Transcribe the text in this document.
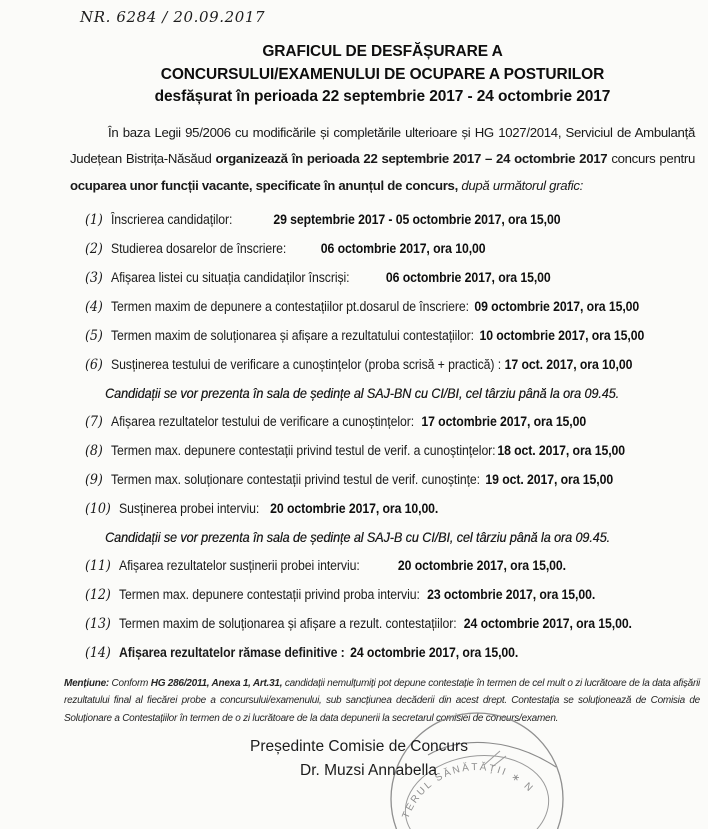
NR. 6284 / 20.09.2017
GRAFICUL DE DESFĂȘURARE A
CONCURSULUI/EXAMENULUI DE OCUPARE A POSTURILOR
desfășurat în perioada 22 septembrie 2017 - 24 octombrie 2017
În baza Legii 95/2006 cu modificările și completările ulterioare și HG 1027/2014, Serviciul de Ambulanță Județean Bistrița-Năsăud organizează în perioada 22 septembrie 2017 – 24 octombrie 2017 concurs pentru ocuparea unor funcții vacante, specificate în anunțul de concurs, după următorul grafic:
(1) Înscrierea candidaților:	29 septembrie 2017 - 05 octombrie 2017, ora 15,00
(2) Studierea dosarelor de înscriere:	06 octombrie 2017, ora 10,00
(3) Afișarea listei cu situația candidaților înscriși:	06 octombrie 2017, ora 15,00
(4) Termen maxim de depunere a contestațiilor pt.dosarul de înscriere: 09 octombrie 2017, ora 15,00
(5) Termen maxim de soluționarea și afișare a rezultatului contestațiilor: 10 octombrie 2017, ora 15,00
(6) Susținerea testului de verificare a cunoștințelor (proba scrisă + practică) : 17 oct. 2017, ora 10,00
Candidații se vor prezenta în sala de ședințe al SAJ-BN cu CI/BI, cel târziu până la ora 09.45.
(7) Afișarea rezultatelor testului de verificare a cunoștințelor: 17 octombrie 2017, ora 15,00
(8) Termen max. depunere contestații privind testul de verif. a cunoștințelor: 18 oct. 2017, ora 15,00
(9) Termen max. soluționare contestații privind testul de verif. cunoștințe: 19 oct. 2017, ora 15,00
(10) Susținerea probei interviu: 20 octombrie 2017, ora 10,00.
Candidații se vor prezenta în sala de ședințe al SAJ-B cu CI/BI, cel târziu până la ora 09.45.
(11) Afișarea rezultatelor susținerii probei interviu:	20 octombrie 2017, ora 15,00.
(12) Termen max. depunere contestații privind proba interviu: 23 octombrie 2017, ora 15,00.
(13) Termen maxim de soluționarea și afișare a rezult. contestațiilor: 24 octombrie 2017, ora 15,00.
(14) Afișarea rezultatelor rămase definitive : 24 octombrie 2017, ora 15,00.
Mențiune: Conform HG 286/2011, Anexa 1, Art.31, candidații nemulțumiți pot depune contestație în termen de cel mult o zi lucrătoare de la data afișării rezultatului final al fiecărei probe a concursului/examenului, sub sancțiunea decăderii din acest drept. Contestația se soluționează de Comisia de Soluționare a Contestațiilor în termen de o zi lucrătoare de la data depunerii la secretarul comisiei de concurs/examen.
Președinte Comisie de Concurs
Dr. Muzsi Annabella
TERUL SĂNĂTĂȚII ∗ N
